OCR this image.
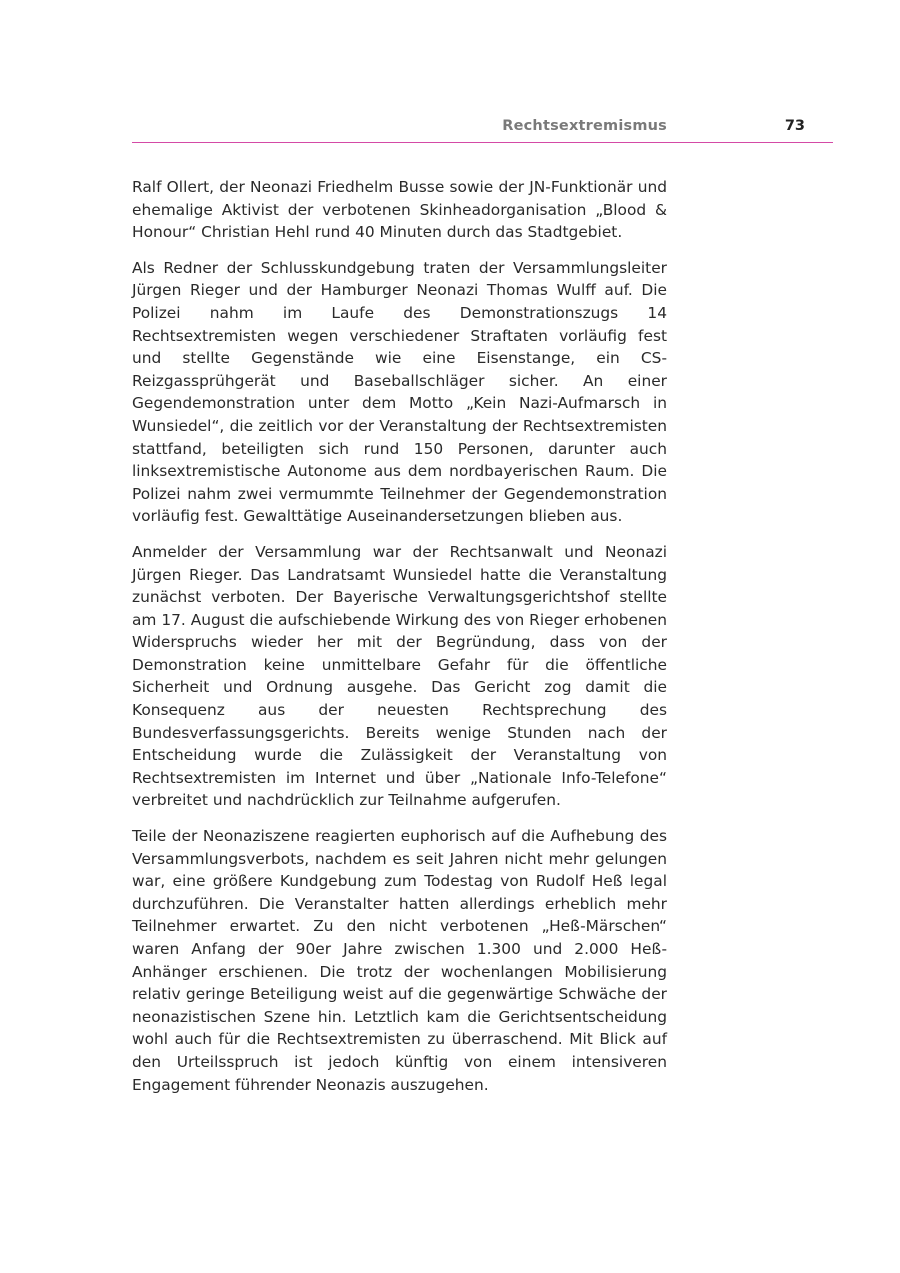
Rechtsextremismus	73

Ralf Ollert, der Neonazi Friedhelm Busse sowie der JN-Funktionär und ehemalige Aktivist der verbotenen Skinheadorganisation „Blood & Honour“ Christian Hehl rund 40 Minuten durch das Stadtgebiet.

Als Redner der Schlusskundgebung traten der Versammlungsleiter Jürgen Rieger und der Hamburger Neonazi Thomas Wulff auf. Die Polizei nahm im Laufe des Demonstrationszugs 14 Rechtsextremisten wegen verschiedener Straftaten vorläufig fest und stellte Gegenstände wie eine Eisenstange, ein CS-Reizgassprühgerät und Baseballschläger sicher. An einer Gegendemonstration unter dem Motto „Kein Nazi-Aufmarsch in Wunsiedel“, die zeitlich vor der Veranstaltung der Rechtsextremisten stattfand, beteiligten sich rund 150 Personen, darunter auch linksextremistische Autonome aus dem nordbayerischen Raum. Die Polizei nahm zwei vermummte Teilnehmer der Gegendemonstration vorläufig fest. Gewalttätige Auseinandersetzungen blieben aus.

Anmelder der Versammlung war der Rechtsanwalt und Neonazi Jürgen Rieger. Das Landratsamt Wunsiedel hatte die Veranstaltung zunächst verboten. Der Bayerische Verwaltungsgerichtshof stellte am 17. August die aufschiebende Wirkung des von Rieger erhobenen Widerspruchs wieder her mit der Begründung, dass von der Demonstration keine unmittelbare Gefahr für die öffentliche Sicherheit und Ordnung ausgehe. Das Gericht zog damit die Konsequenz aus der neuesten Rechtsprechung des Bundesverfassungsgerichts. Bereits wenige Stunden nach der Entscheidung wurde die Zulässigkeit der Veranstaltung von Rechtsextremisten im Internet und über „Nationale Info-Telefone“ verbreitet und nachdrücklich zur Teilnahme aufgerufen.

Teile der Neonaziszene reagierten euphorisch auf die Aufhebung des Versammlungsverbots, nachdem es seit Jahren nicht mehr gelungen war, eine größere Kundgebung zum Todestag von Rudolf Heß legal durchzuführen. Die Veranstalter hatten allerdings erheblich mehr Teilnehmer erwartet. Zu den nicht verbotenen „Heß-Märschen“ waren Anfang der 90er Jahre zwischen 1.300 und 2.000 Heß-Anhänger erschienen. Die trotz der wochenlangen Mobilisierung relativ geringe Beteiligung weist auf die gegenwärtige Schwäche der neonazistischen Szene hin. Letztlich kam die Gerichtsentscheidung wohl auch für die Rechtsextremisten zu überraschend. Mit Blick auf den Urteilsspruch ist jedoch künftig von einem intensiveren Engagement führender Neonazis auszugehen.
